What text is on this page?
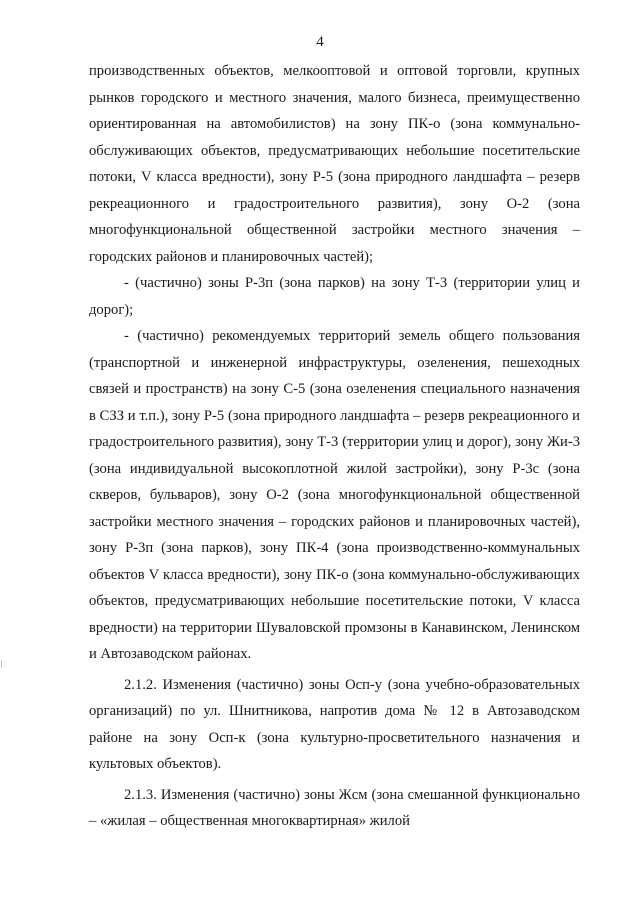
4

производственных объектов, мелкооптовой и оптовой торговли, крупных рынков городского и местного значения, малого бизнеса, преимущественно ориентированная на автомобилистов) на зону ПК-о (зона коммунально-обслуживающих объектов, предусматривающих небольшие посетительские потоки, V класса вредности), зону Р-5 (зона природного ландшафта – резерв рекреационного и градостроительного развития), зону О-2 (зона многофункциональной общественной застройки местного значения – городских районов и планировочных частей);

- (частично) зоны Р-3п (зона парков) на зону Т-3 (территории улиц и дорог);

- (частично) рекомендуемых территорий земель общего пользования (транспортной и инженерной инфраструктуры, озеленения, пешеходных связей и пространств) на зону С-5 (зона озеленения специального назначения в СЗЗ и т.п.), зону Р-5 (зона природного ландшафта – резерв рекреационного и градостроительного развития), зону Т-3 (территории улиц и дорог), зону Жи-3 (зона индивидуальной высокоплотной жилой застройки), зону Р-3с (зона скверов, бульваров), зону О-2 (зона многофункциональной общественной застройки местного значения – городских районов и планировочных частей), зону Р-3п (зона парков), зону ПК-4 (зона производственно-коммунальных объектов V класса вредности), зону ПК-о (зона коммунально-обслуживающих объектов, предусматривающих небольшие посетительские потоки, V класса вредности) на территории Шуваловской промзоны в Канавинском, Ленинском и Автозаводском районах.

2.1.2. Изменения (частично) зоны Осп-у (зона учебно-образовательных организаций) по ул. Шнитникова, напротив дома № 12 в Автозаводском районе на зону Осп-к (зона культурно-просветительного назначения и культовых объектов).

2.1.3. Изменения (частично) зоны Жсм (зона смешанной функционально – «жилая – общественная многоквартирная» жилой
